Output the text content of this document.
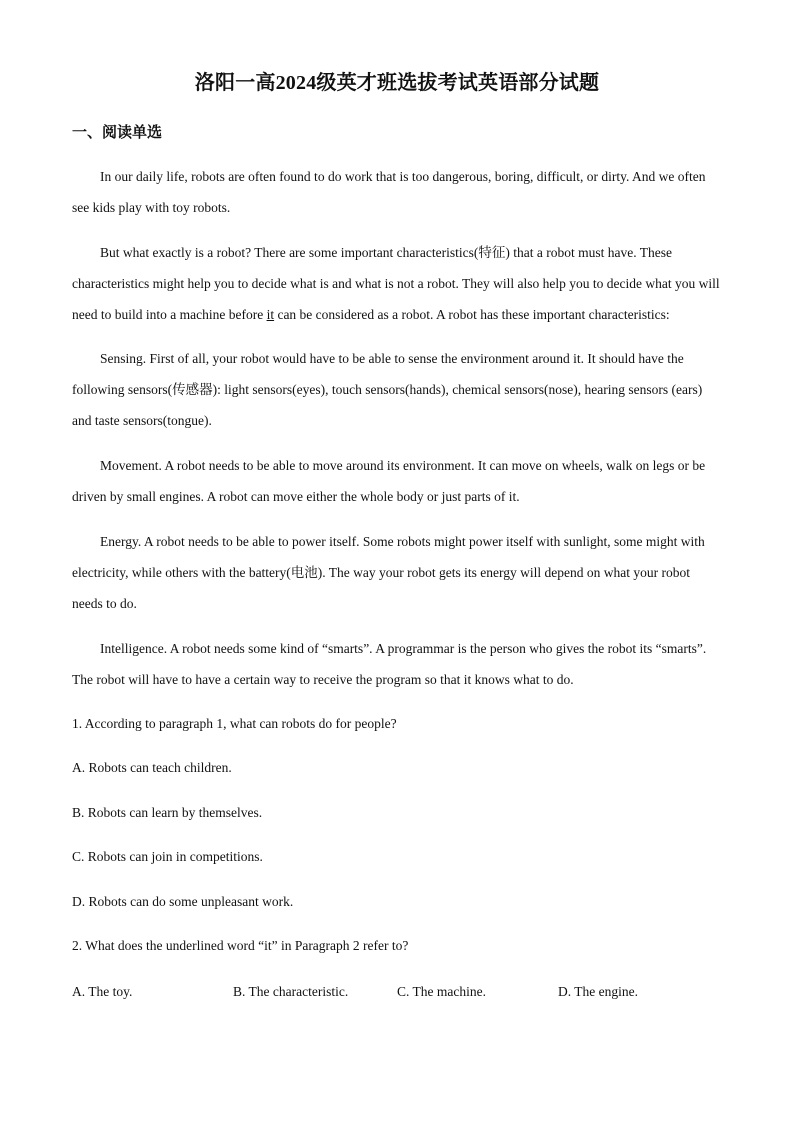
洛阳一高2024级英才班选拔考试英语部分试题
一、阅读单选
In our daily life, robots are often found to do work that is too dangerous, boring, difficult, or dirty. And we often see kids play with toy robots.
But what exactly is a robot? There are some important characteristics(特征) that a robot must have. These characteristics might help you to decide what is and what is not a robot. They will also help you to decide what you will need to build into a machine before it can be considered as a robot. A robot has these important characteristics:
Sensing. First of all, your robot would have to be able to sense the environment around it. It should have the following sensors(传感器): light sensors(eyes), touch sensors(hands), chemical sensors(nose), hearing sensors (ears) and taste sensors(tongue).
Movement. A robot needs to be able to move around its environment. It can move on wheels, walk on legs or be driven by small engines. A robot can move either the whole body or just parts of it.
Energy. A robot needs to be able to power itself. Some robots might power itself with sunlight, some might with electricity, while others with the battery(电池). The way your robot gets its energy will depend on what your robot needs to do.
Intelligence. A robot needs some kind of “smarts”. A programmar is the person who gives the robot its “smarts”. The robot will have to have a certain way to receive the program so that it knows what to do.
1. According to paragraph 1, what can robots do for people?
A. Robots can teach children.
B. Robots can learn by themselves.
C. Robots can join in competitions.
D. Robots can do some unpleasant work.
2. What does the underlined word “it” in Paragraph 2 refer to?
A. The toy.	B. The characteristic.	C. The machine.	D. The engine.
